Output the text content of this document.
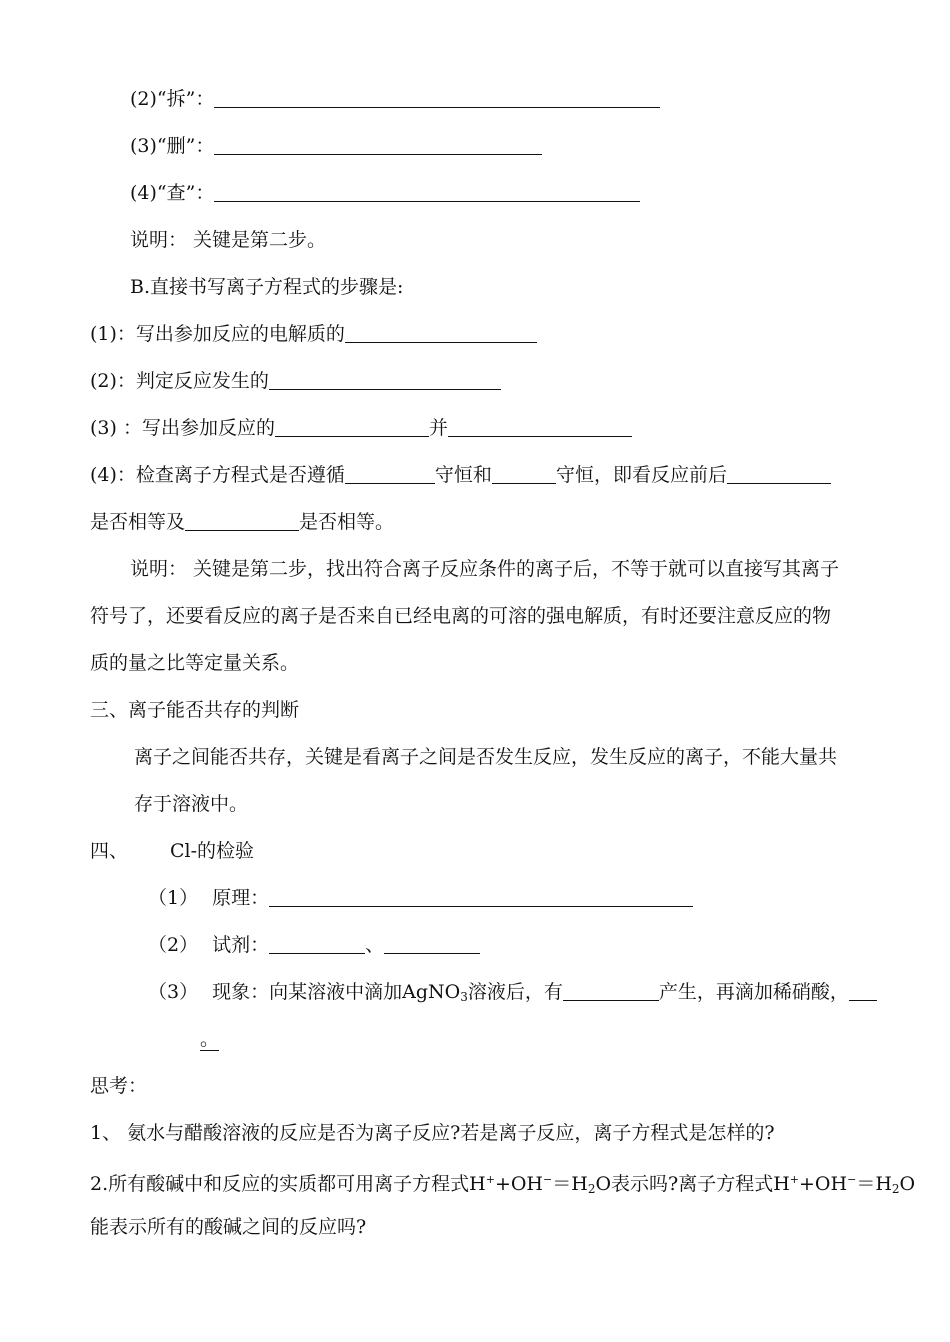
(2)“拆”：
(3)“删”：
(4)“查”：
说明： 关键是第二步。
B.直接书写离子方程式的步骤是:
(1)：写出参加反应的电解质的
(2)：判定反应发生的
(3) ：写出参加反应的	并
(4)：检查离子方程式是否遵循	守恒和	守恒，即看反应前后
是否相等及	是否相等。
说明： 关键是第二步，找出符合离子反应条件的离子后，不等于就可以直接写其离子
符号了，还要看反应的离子是否来自已经电离的可溶的强电解质，有时还要注意反应的物
质的量之比等定量关系。
三、离子能否共存的判断
离子之间能否共存，关键是看离子之间是否发生反应，发生反应的离子，不能大量共
存于溶液中。
四、 Cl-的检验
（1） 原理：
（2） 试剂：	、
（3） 现象：向某溶液中滴加AgNO$_3$溶液后，有	产生，再滴加稀硝酸，
。
思考：
1、 氨水与醋酸溶液的反应是否为离子反应?若是离子反应，离子方程式是怎样的?
2.所有酸碱中和反应的实质都可用离子方程式$H^++OH^-=H_2O$表示吗?离子方程式$H^++OH^-=H_2O$
能表示所有的酸碱之间的反应吗?
